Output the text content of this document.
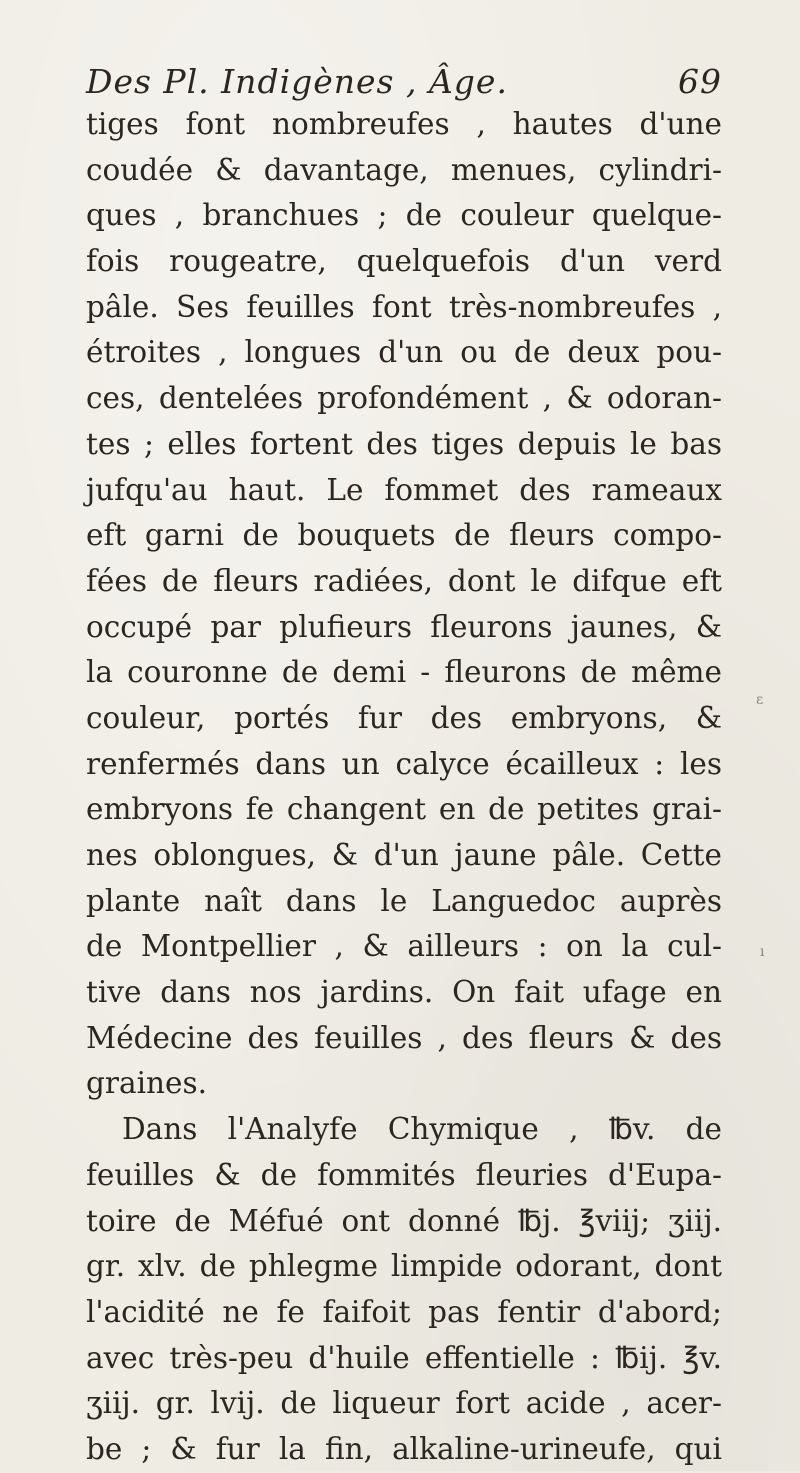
Des Pl. Indigènes , Âge.	69
tiges font nombreufes , hautes d'une
coudée & davantage, menues, cylindri-
ques , branchues ; de couleur quelque-
fois rougeatre, quelquefois d'un verd
pâle. Ses feuilles font très-nombreufes ,
étroites , longues d'un ou de deux pou-
ces, dentelées profondément , & odoran-
tes ; elles fortent des tiges depuis le bas
jufqu'au haut. Le fommet des rameaux
eft garni de bouquets de fleurs compo-
fées de fleurs radiées, dont le difque eft
occupé par plufieurs fleurons jaunes, &
la couronne de demi - fleurons de même
couleur, portés fur des embryons, &
renfermés dans un calyce écailleux : les
embryons fe changent en de petites grai-
nes oblongues, & d'un jaune pâle. Cette
plante naît dans le Languedoc auprès
de Montpellier , & ailleurs : on la cul-
tive dans nos jardins. On fait ufage en
Médecine des feuilles , des fleurs & des
graines.
Dans l'Analyfe Chymique , ℔v. de
feuilles & de fommités fleuries d'Eupa-
toire de Méfué ont donné ℔j. ℥viij; ʒiij.
gr. xlv. de phlegme limpide odorant, dont
l'acidité ne fe faifoit pas fentir d'abord;
avec très-peu d'huile effentielle : ℔ij. ℥v.
ʒiij. gr. lvij. de liqueur fort acide , acer-
be ; & fur la fin, alkaline-urineufe, qui
ɛ
ı
